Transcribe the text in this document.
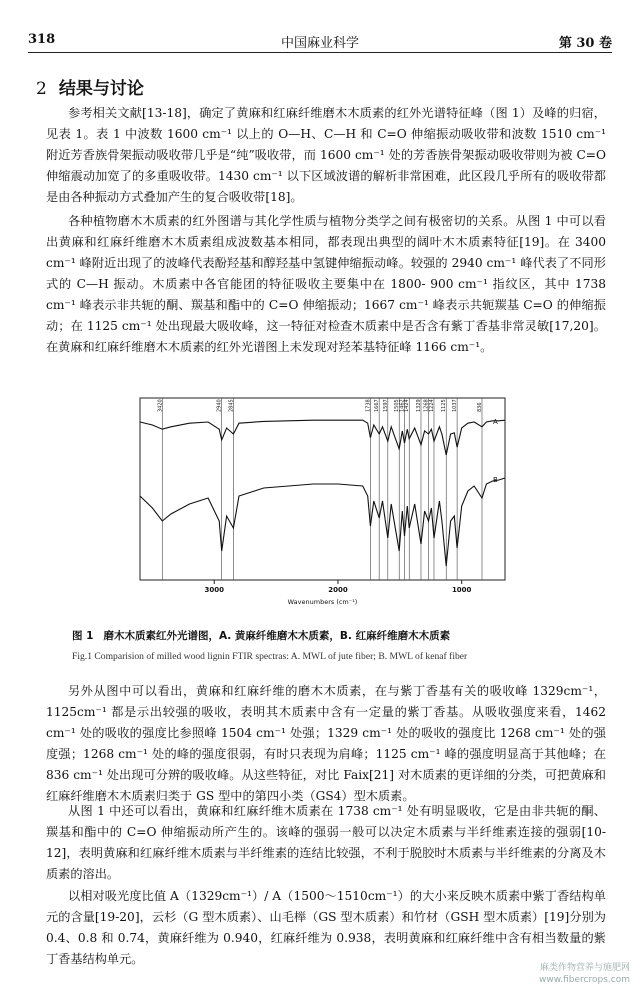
318	中国麻业科学	第 30 卷
2 结果与讨论

参考相关文献[13-18]，确定了黄麻和红麻纤维磨木木质素的红外光谱特征峰（图 1）及峰的归宿，见表 1。表 1 中波数 1600 cm⁻¹ 以上的 O—H、C—H 和 C=O 伸缩振动吸收带和波数 1510 cm⁻¹ 附近芳香族骨架振动吸收带几乎是“纯”吸收带，而 1600 cm⁻¹ 处的芳香族骨架振动吸收带则为被 C=O 伸缩震动加宽了的多重吸收带。1430 cm⁻¹ 以下区域波谱的解析非常困难，此区段几乎所有的吸收带都是由各种振动方式叠加产生的复合吸收带[18]。

各种植物磨木木质素的红外图谱与其化学性质与植物分类学之间有极密切的关系。从图 1 中可以看出黄麻和红麻纤维磨木木质素组成波数基本相同，都表现出典型的阔叶木木质素特征[19]。在 3400 cm⁻¹ 峰附近出现了的波峰代表酚羟基和醇羟基中氢键伸缩振动峰。较强的 2940 cm⁻¹ 峰代表了不同形式的 C—H 振动。木质素中各官能团的特征吸收主要集中在 1800- 900 cm⁻¹ 指纹区，其中 1738 cm⁻¹ 峰表示非共轭的酮、羰基和酯中的 C=O 伸缩振动；1667 cm⁻¹ 峰表示共轭羰基 C=O 的伸缩振动；在 1125 cm⁻¹ 处出现最大吸收峰，这一特征对检查木质素中是否含有紫丁香基非常灵敏[17,20]。在黄麻和红麻纤维磨木木质素的红外光谱图上未发现对羟苯基特征峰 1166 cm⁻¹。

3420	2940 2845	1738 1667 1597 1505 1462
1424 1329 1268 1224 1125 1037	836
A
B
3000	2000	1000
Wavenumbers (cm⁻¹)
图 1 磨木木质素红外光谱图，A. 黄麻纤维磨木木质素，B. 红麻纤维磨木木质素
Fig.1 Comparision of milled wood lignin FTIR spectras: A. MWL of jute fiber; B. MWL of kenaf fiber

另外从图中可以看出，黄麻和红麻纤维的磨木木质素，在与紫丁香基有关的吸收峰 1329cm⁻¹，1125cm⁻¹ 都是示出较强的吸收，表明其木质素中含有一定量的紫丁香基。从吸收强度来看，1462 cm⁻¹ 处的吸收的强度比参照峰 1504 cm⁻¹ 处强；1329 cm⁻¹ 处的吸收的强度比 1268 cm⁻¹ 处的强度强；1268 cm⁻¹ 处的峰的强度很弱，有时只表现为肩峰；1125 cm⁻¹ 峰的强度明显高于其他峰；在 836 cm⁻¹ 处出现可分辨的吸收峰。从这些特征，对比 Faix[21] 对木质素的更详细的分类，可把黄麻和红麻纤维磨木木质素归类于 GS 型中的第四小类（GS4）型木质素。

从图 1 中还可以看出，黄麻和红麻纤维木质素在 1738 cm⁻¹ 处有明显吸收，它是由非共轭的酮、羰基和酯中的 C=O 伸缩振动所产生的。该峰的强弱一般可以决定木质素与半纤维素连接的强弱[10-12]，表明黄麻和红麻纤维木质素与半纤维素的连结比较强，不利于脱胶时木质素与半纤维素的分离及木质素的溶出。

以相对吸光度比值 A（1329cm⁻¹）/ A（1500～1510cm⁻¹）的大小来反映木质素中紫丁香结构单元的含量[19-20]，云杉（G 型木质素）、山毛榉（GS 型木质素）和竹材（GSH 型木质素）[19]分别为 0.4、0.8 和 0.74，黄麻纤维为 0.940，红麻纤维为 0.938，表明黄麻和红麻纤维中含有相当数量的紫丁香基结构单元。

麻类作物营养与施肥网
www.fibercrops.com
